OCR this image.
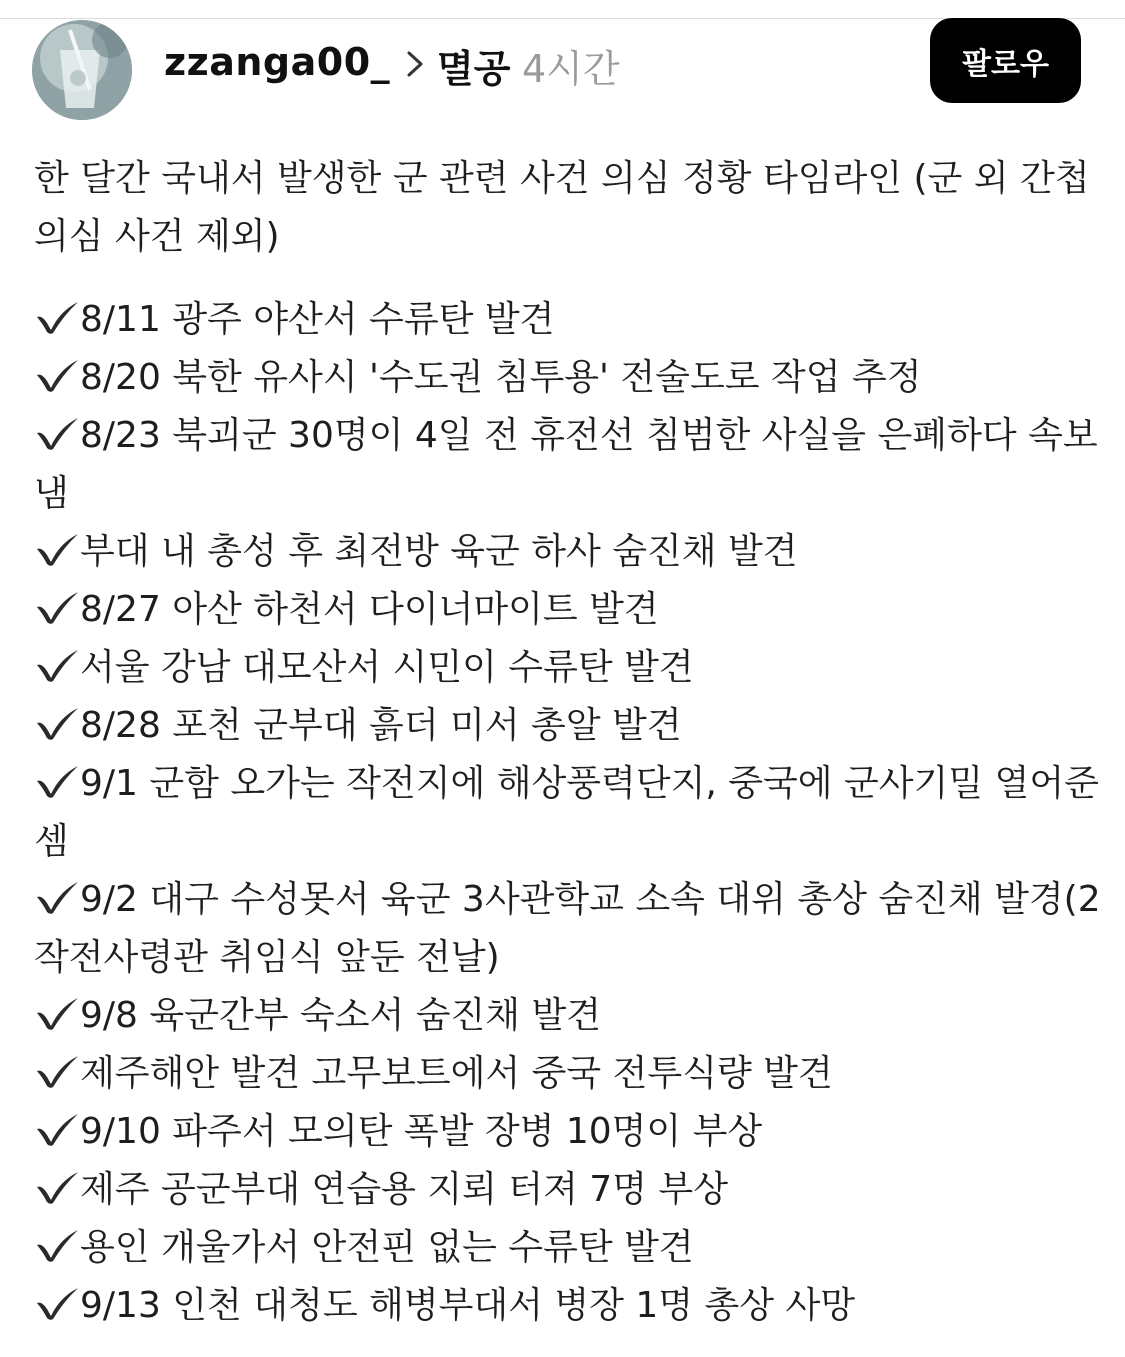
zzanga00_ 멸공 4시간	팔로우

한 달간 국내서 발생한 군 관련 사건 의심 정황 타임라인 (군 외 간첩 의심 사건 제외)

8/11 광주 야산서 수류탄 발견
8/20 북한 유사시 '수도권 침투용' 전술도로 작업 추정
8/23 북괴군 30명이 4일 전 휴전선 침범한 사실을 은폐하다 속보냄
부대 내 총성 후 최전방 육군 하사 숨진채 발견
8/27 아산 하천서 다이너마이트 발견
서울 강남 대모산서 시민이 수류탄 발견
8/28 포천 군부대 흙더 미서 총알 발견
9/1 군함 오가는 작전지에 해상풍력단지, 중국에 군사기밀 열어준 셈
9/2 대구 수성못서 육군 3사관학교 소속 대위 총상 숨진채 발경(2작전사령관 취임식 앞둔 전날)
9/8 육군간부 숙소서 숨진채 발견
제주해안 발견 고무보트에서 중국 전투식량 발견
9/10 파주서 모의탄 폭발 장병 10명이 부상
제주 공군부대 연습용 지뢰 터져 7명 부상
용인 개울가서 안전핀 없는 수류탄 발견
9/13 인천 대청도 해병부대서 병장 1명 총상 사망
